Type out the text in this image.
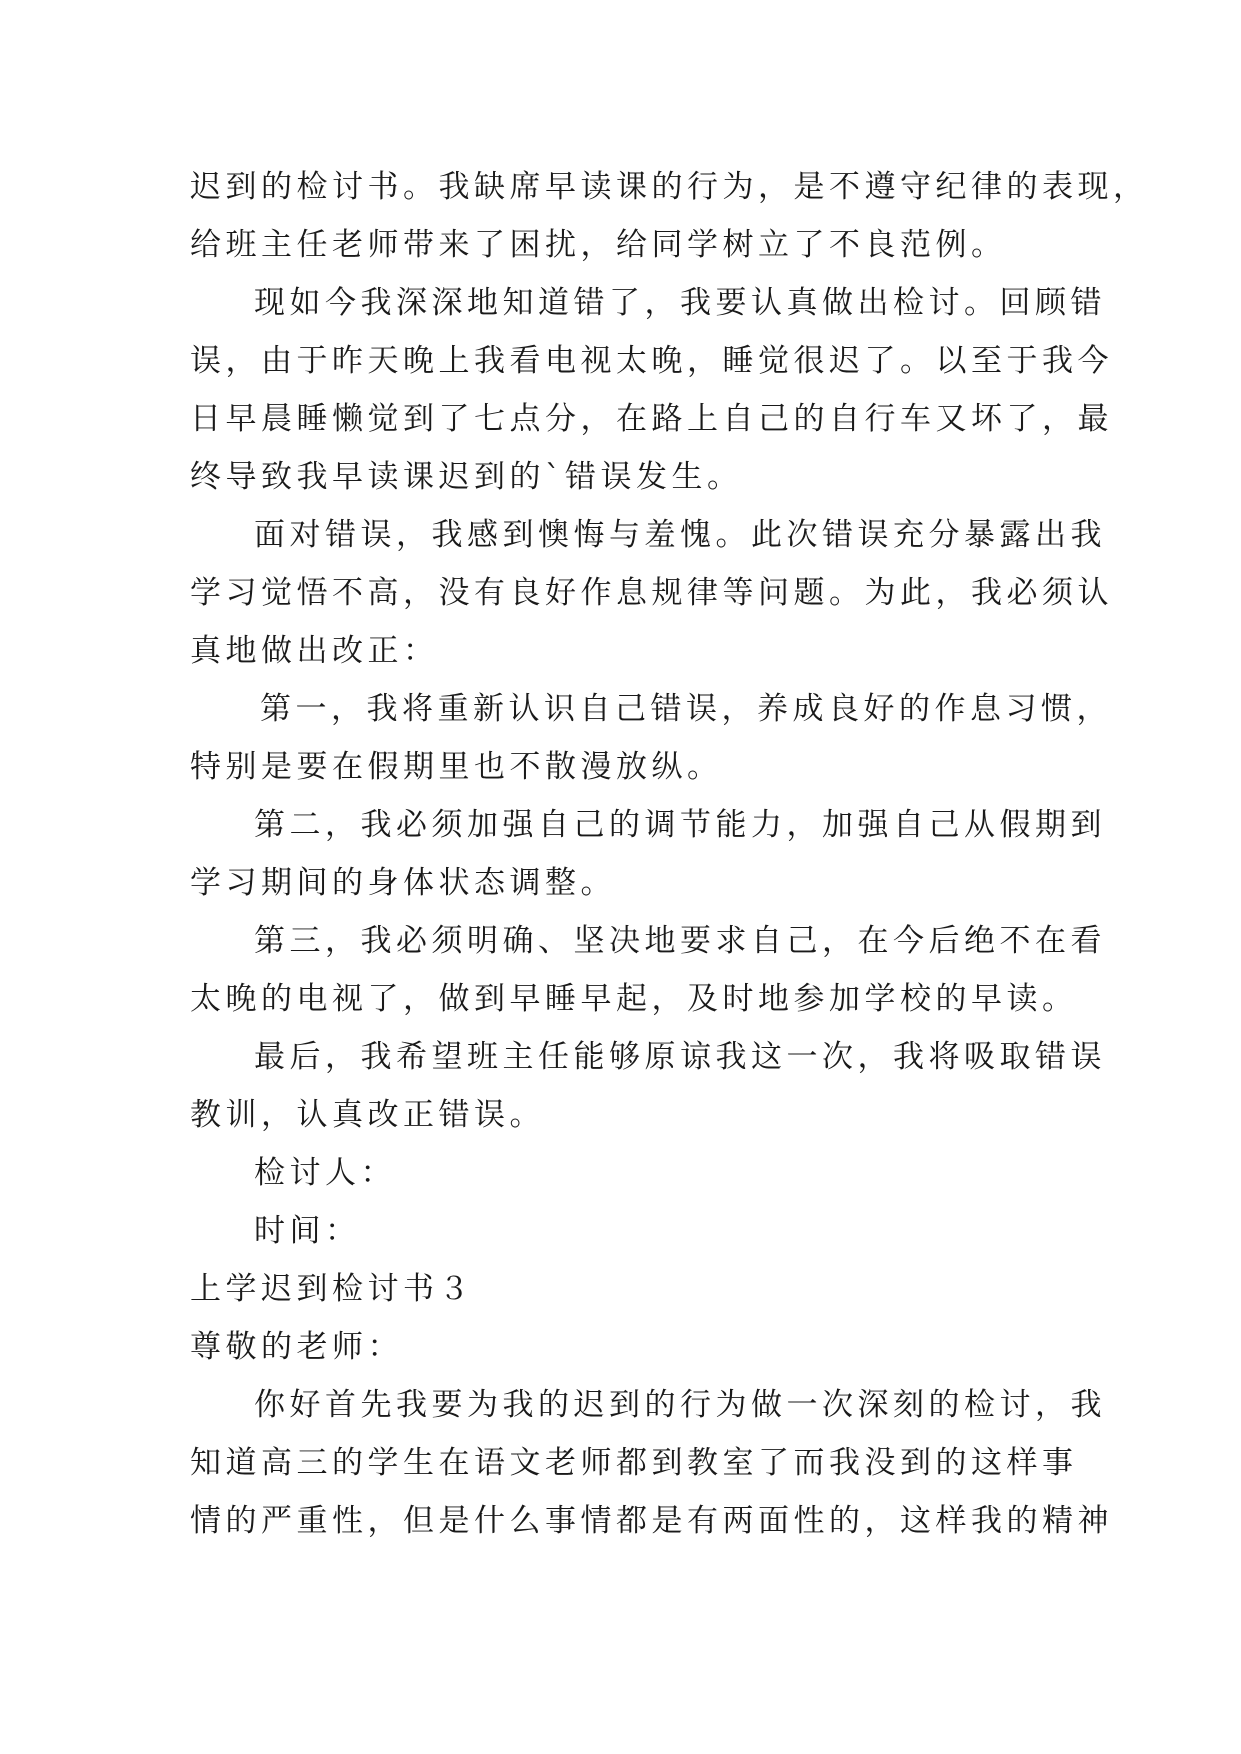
迟到的检讨书。我缺席早读课的行为，是不遵守纪律的表现，
给班主任老师带来了困扰，给同学树立了不良范例。
现如今我深深地知道错了，我要认真做出检讨。回顾错
误，由于昨天晚上我看电视太晚，睡觉很迟了。以至于我今
日早晨睡懒觉到了七点分，在路上自己的自行车又坏了，最
终导致我早读课迟到的`错误发生。
面对错误，我感到懊悔与羞愧。此次错误充分暴露出我
学习觉悟不高，没有良好作息规律等问题。为此，我必须认
真地做出改正：
第一，我将重新认识自己错误，养成良好的作息习惯，
特别是要在假期里也不散漫放纵。
第二，我必须加强自己的调节能力，加强自己从假期到
学习期间的身体状态调整。
第三，我必须明确、坚决地要求自己，在今后绝不在看
太晚的电视了，做到早睡早起，及时地参加学校的早读。
最后，我希望班主任能够原谅我这一次，我将吸取错误
教训，认真改正错误。
检讨人：
时间：
上学迟到检讨书３
尊敬的老师：
你好首先我要为我的迟到的行为做一次深刻的检讨，我
知道高三的学生在语文老师都到教室了而我没到的这样事
情的严重性，但是什么事情都是有两面性的，这样我的精神
